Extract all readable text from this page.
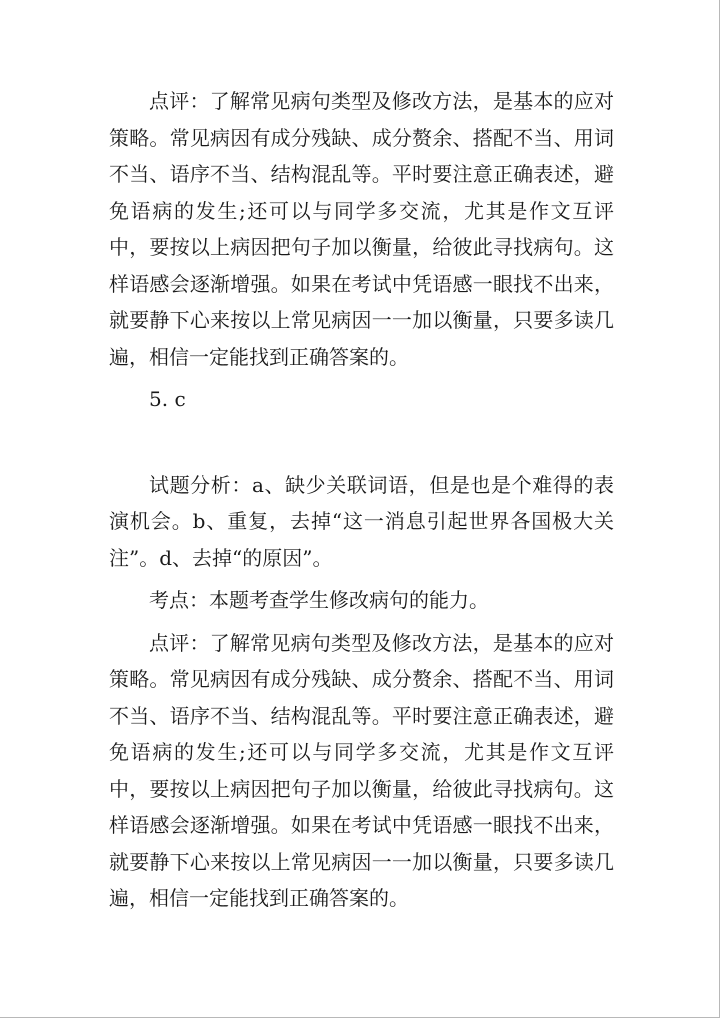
点评：了解常见病句类型及修改方法，是基本的应对策略。常见病因有成分残缺、成分赘余、搭配不当、用词不当、语序不当、结构混乱等。平时要注意正确表述，避免语病的发生;还可以与同学多交流，尤其是作文互评中，要按以上病因把句子加以衡量，给彼此寻找病句。这样语感会逐渐增强。如果在考试中凭语感一眼找不出来，就要静下心来按以上常见病因一一加以衡量，只要多读几遍，相信一定能找到正确答案的。

5. c

试题分析：a、缺少关联词语，但是也是个难得的表演机会。b、重复，去掉“这一消息引起世界各国极大关注”。d、去掉“的原因”。

考点：本题考查学生修改病句的能力。

点评：了解常见病句类型及修改方法，是基本的应对策略。常见病因有成分残缺、成分赘余、搭配不当、用词不当、语序不当、结构混乱等。平时要注意正确表述，避免语病的发生;还可以与同学多交流，尤其是作文互评中，要按以上病因把句子加以衡量，给彼此寻找病句。这样语感会逐渐增强。如果在考试中凭语感一眼找不出来，就要静下心来按以上常见病因一一加以衡量，只要多读几遍，相信一定能找到正确答案的。
